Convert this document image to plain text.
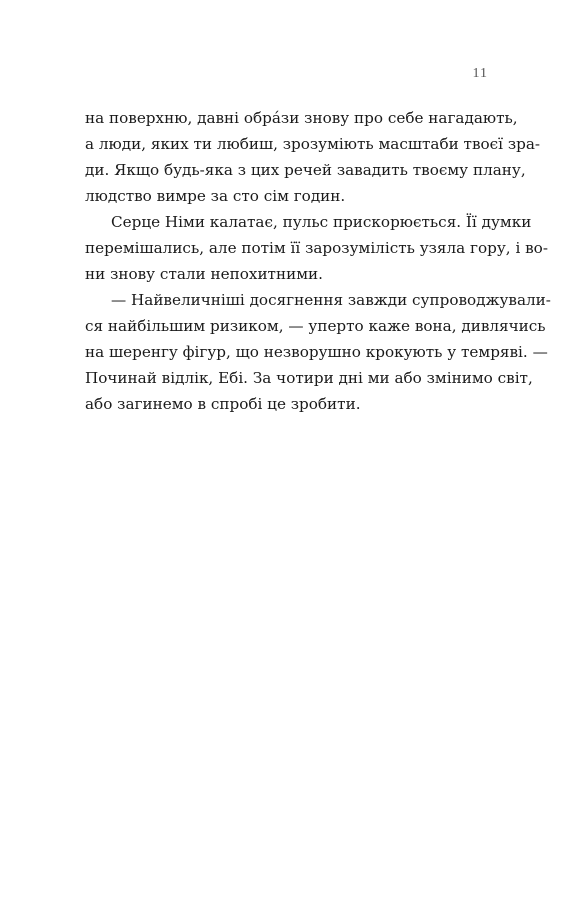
11
на поверхню, давні обра́зи знову про себе нагадають,
а люди, яких ти любиш, зрозуміють масштаби твоєї зра-
ди. Якщо будь-яка з цих речей завадить твоєму плану,
людство вимре за сто сім годин.
Серце Німи калатає, пульс прискорюється. Її думки
перемішались, але потім її зарозумілість узяла гору, і во-
ни знову стали непохитними.
— Найвеличніші досягнення завжди супроводжували-
ся найбільшим ризиком, — уперто каже вона, дивлячись
на шеренгу фігур, що незворушно крокують у темряві. —
Починай відлік, Ебі. За чотири дні ми або змінимо світ,
або загинемо в спробі це зробити.
